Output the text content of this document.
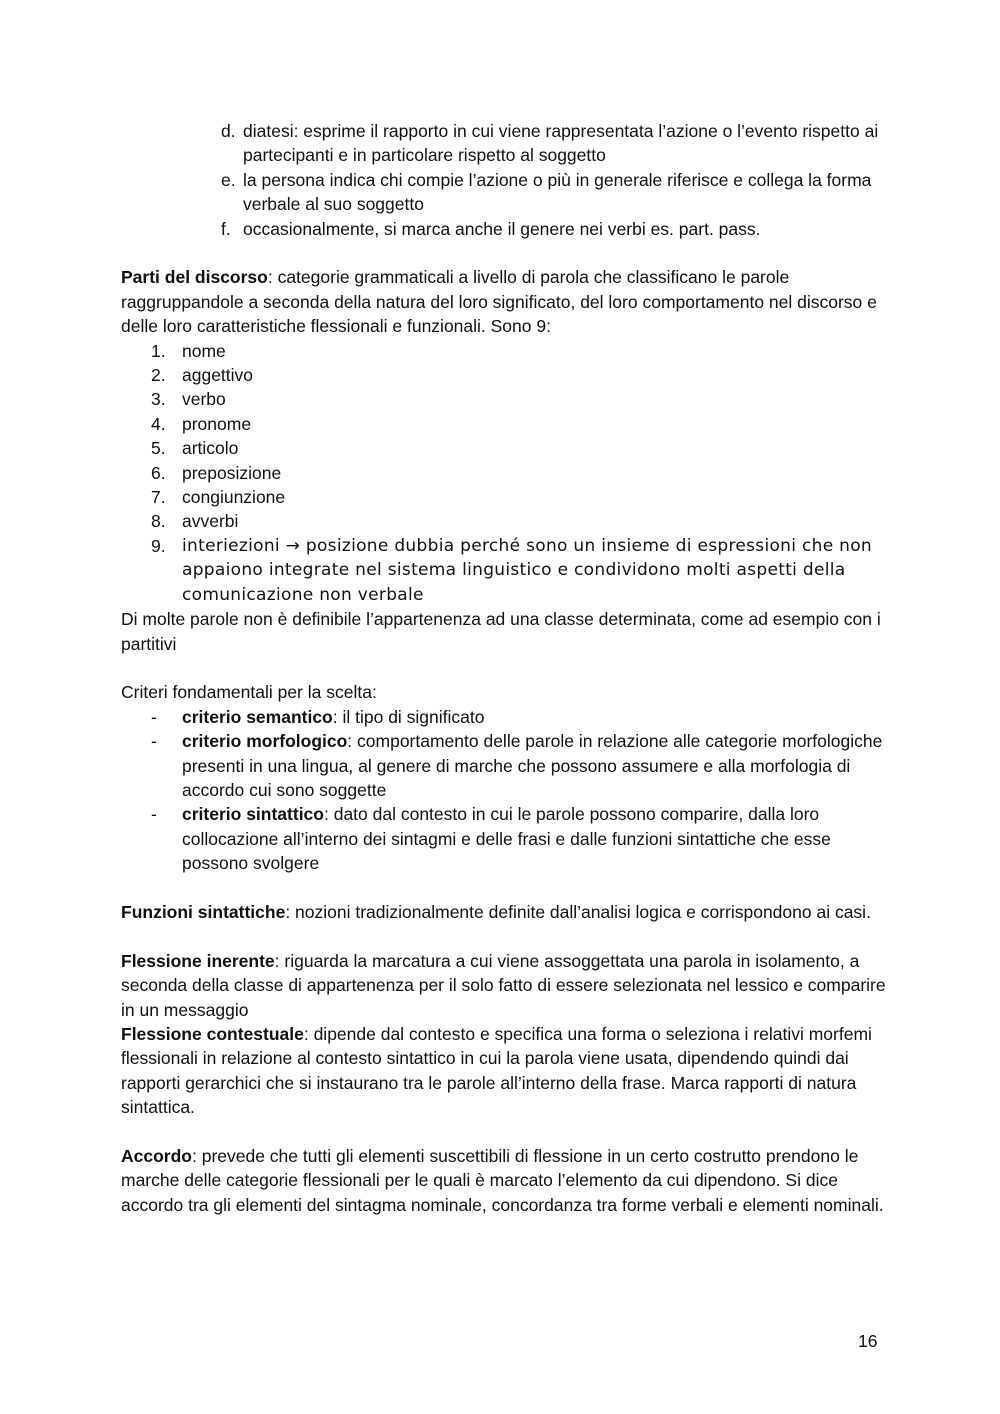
d. diatesi: esprime il rapporto in cui viene rappresentata l’azione o l’evento rispetto ai partecipanti e in particolare rispetto al soggetto
e. la persona indica chi compie l’azione o più in generale riferisce e collega la forma verbale al suo soggetto
f. occasionalmente, si marca anche il genere nei verbi es. part. pass.

Parti del discorso: categorie grammaticali a livello di parola che classificano le parole raggruppandole a seconda della natura del loro significato, del loro comportamento nel discorso e delle loro caratteristiche flessionali e funzionali. Sono 9:

1. nome
2. aggettivo
3. verbo
4. pronome
5. articolo
6. preposizione
7. congiunzione
8. avverbi
9. interiezioni → posizione dubbia perché sono un insieme di espressioni che non appaiono integrate nel sistema linguistico e condividono molti aspetti della comunicazione non verbale

Di molte parole non è definibile l’appartenenza ad una classe determinata, come ad esempio con i partitivi

Criteri fondamentali per la scelta:

-	criterio semantico: il tipo di significato
-	criterio morfologico: comportamento delle parole in relazione alle categorie morfologiche presenti in una lingua, al genere di marche che possono assumere e alla morfologia di accordo cui sono soggette
-	criterio sintattico: dato dal contesto in cui le parole possono comparire, dalla loro collocazione all’interno dei sintagmi e delle frasi e dalle funzioni sintattiche che esse possono svolgere

Funzioni sintattiche: nozioni tradizionalmente definite dall’analisi logica e corrispondono ai casi.

Flessione inerente: riguarda la marcatura a cui viene assoggettata una parola in isolamento, a seconda della classe di appartenenza per il solo fatto di essere selezionata nel lessico e comparire in un messaggio

Flessione contestuale: dipende dal contesto e specifica una forma o seleziona i relativi morfemi flessionali in relazione al contesto sintattico in cui la parola viene usata, dipendendo quindi dai rapporti gerarchici che si instaurano tra le parole all’interno della frase. Marca rapporti di natura sintattica.

Accordo: prevede che tutti gli elementi suscettibili di flessione in un certo costrutto prendono le marche delle categorie flessionali per le quali è marcato l’elemento da cui dipendono. Si dice accordo tra gli elementi del sintagma nominale, concordanza tra forme verbali e elementi nominali.

16
